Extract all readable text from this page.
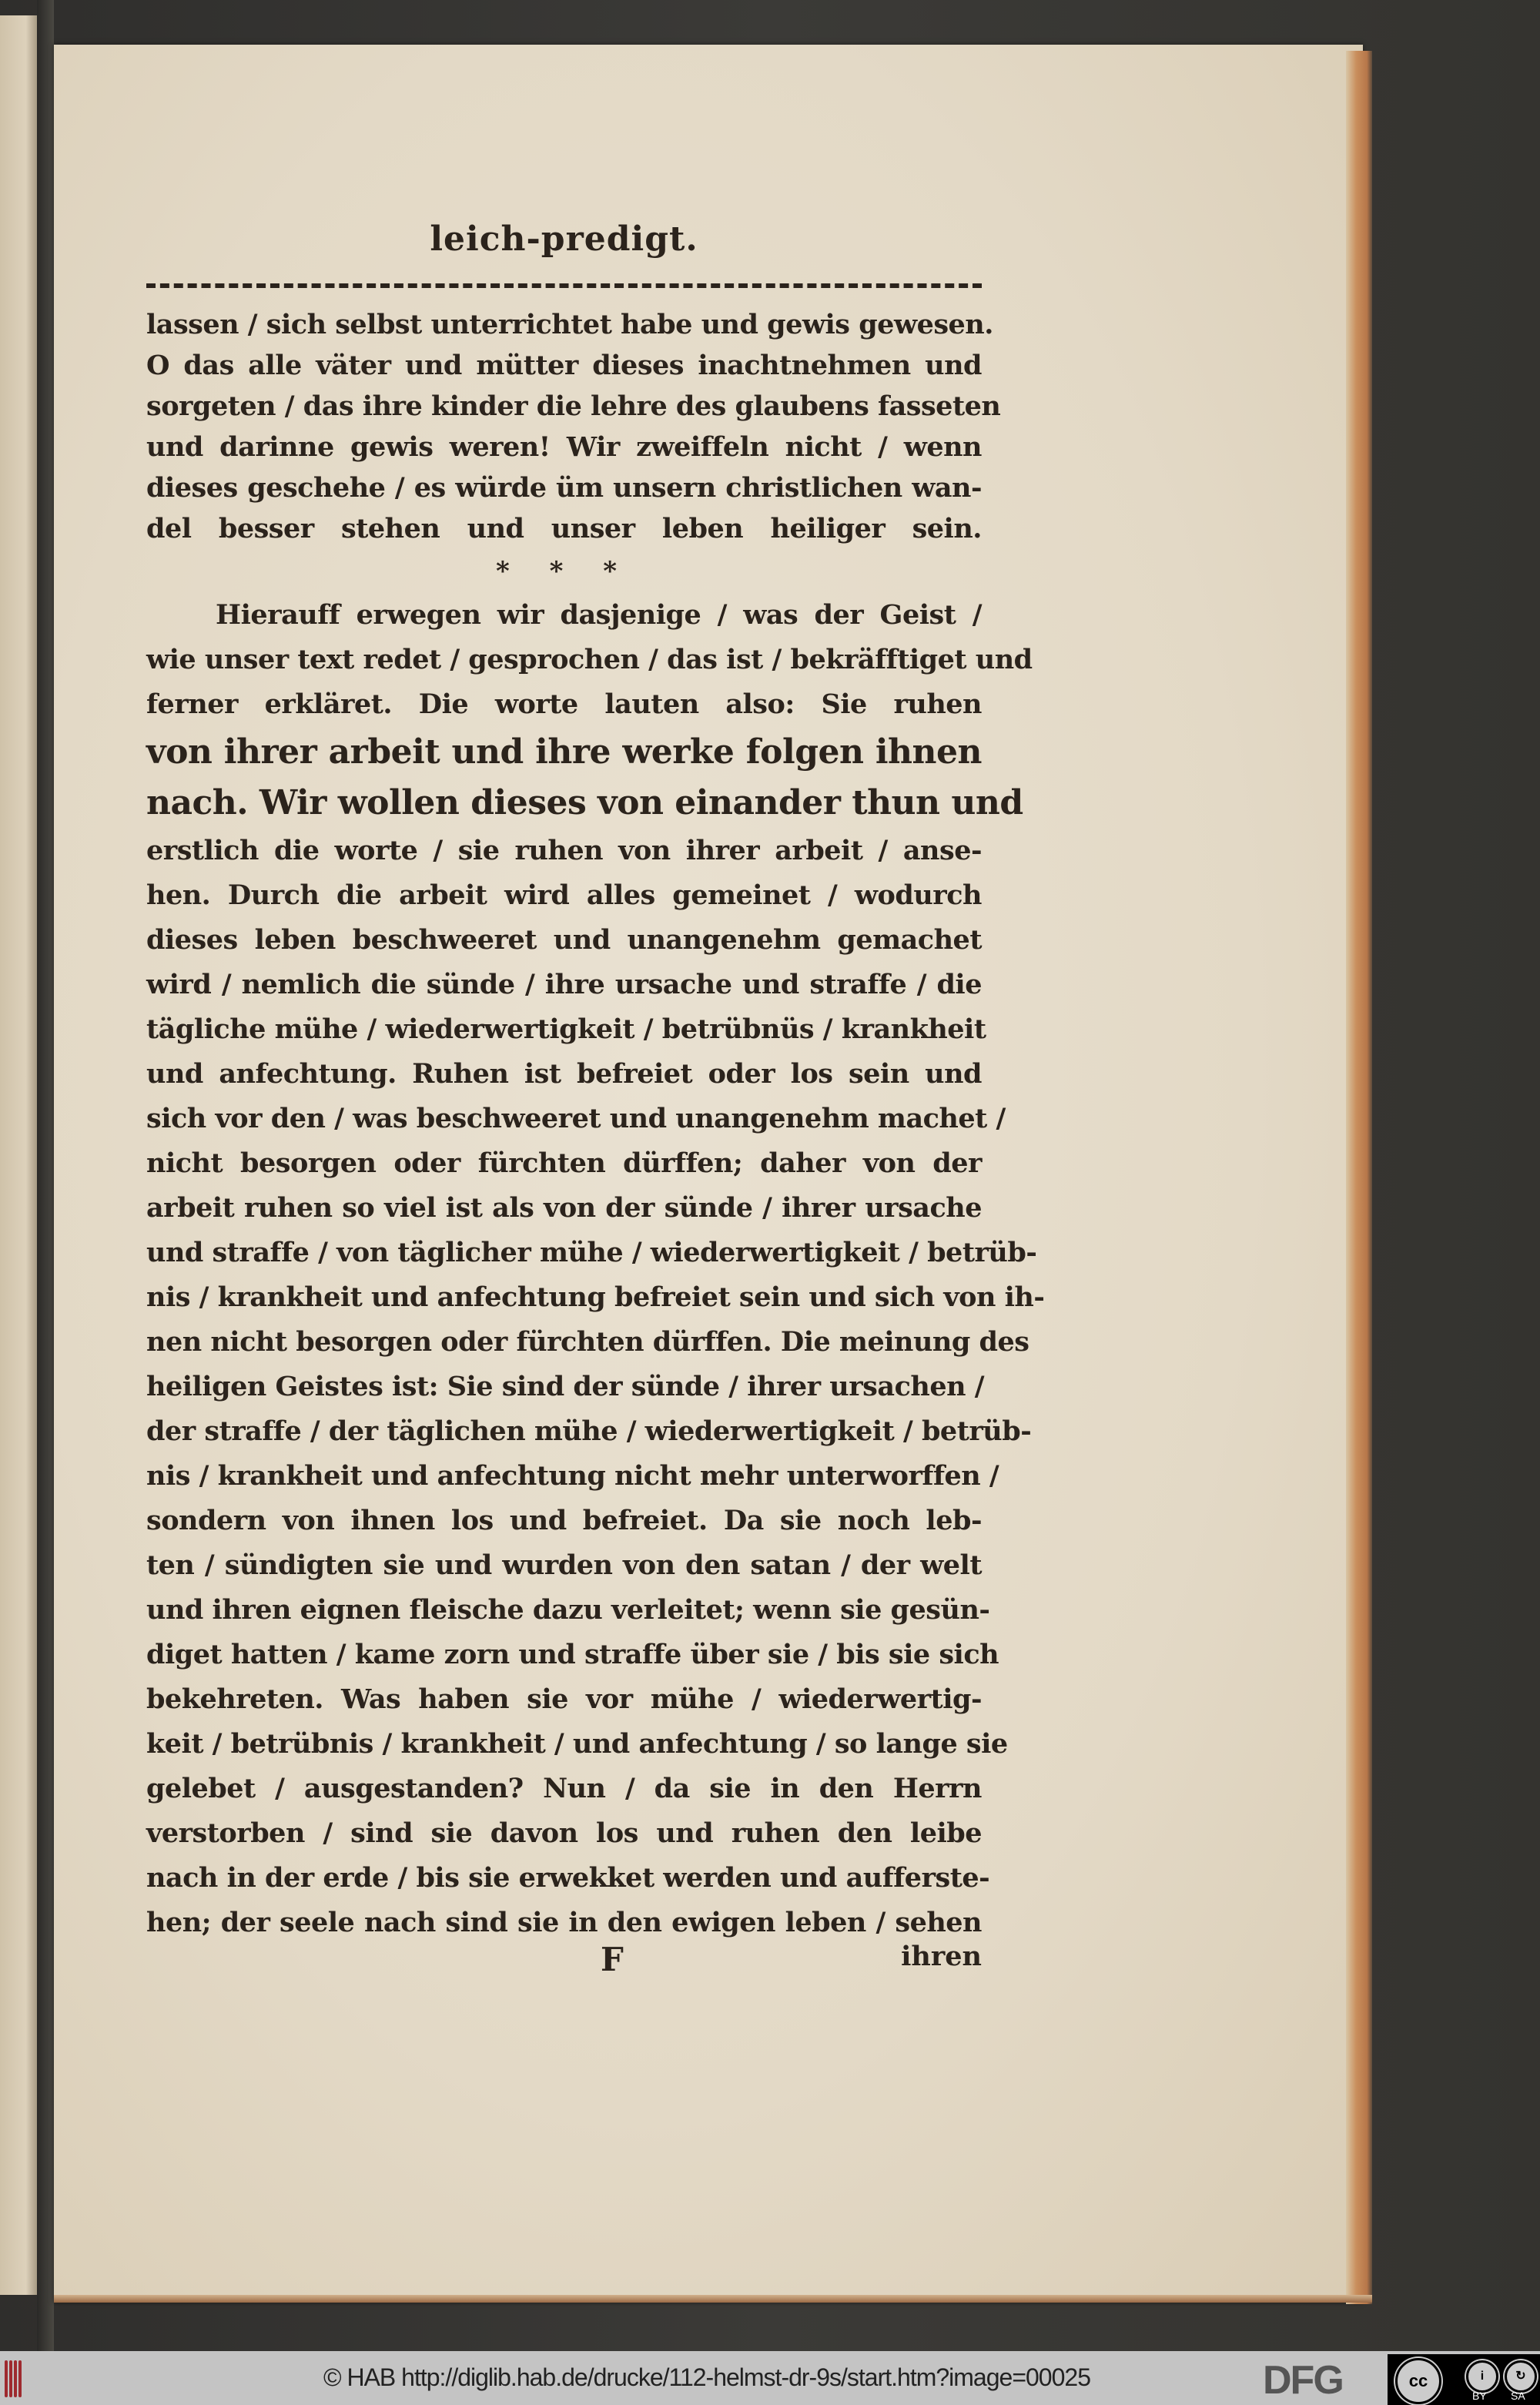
leich-predigt.
lassen / sich selbst unterrichtet habe und gewis gewesen.
O das alle väter und mütter dieses inachtnehmen und
sorgeten / das ihre kinder die lehre des glaubens fasseten
und darinne gewis weren! Wir zweiffeln nicht / wenn
dieses geschehe / es würde üm unsern christlichen wan-
del besser stehen und unser leben heiliger sein.
* * *
Hierauff erwegen wir dasjenige / was der Geist /
wie unser text redet / gesprochen / das ist / bekräfftiget und
ferner erkläret. Die worte lauten also: Sie ruhen
von ihrer arbeit und ihre werke folgen ihnen
nach. Wir wollen dieses von einander thun und
erstlich die worte / sie ruhen von ihrer arbeit / anse-
hen. Durch die arbeit wird alles gemeinet / wodurch
dieses leben beschweeret und unangenehm gemachet
wird / nemlich die sünde / ihre ursache und straffe / die
tägliche mühe / wiederwertigkeit / betrübnüs / krankheit
und anfechtung. Ruhen ist befreiet oder los sein und
sich vor den / was beschweeret und unangenehm machet /
nicht besorgen oder fürchten dürffen; daher von der
arbeit ruhen so viel ist als von der sünde / ihrer ursache
und straffe / von täglicher mühe / wiederwertigkeit / betrüb-
nis / krankheit und anfechtung befreiet sein und sich von ih-
nen nicht besorgen oder fürchten dürffen. Die meinung des
heiligen Geistes ist: Sie sind der sünde / ihrer ursachen /
der straffe / der täglichen mühe / wiederwertigkeit / betrüb-
nis / krankheit und anfechtung nicht mehr unterworffen /
sondern von ihnen los und befreiet. Da sie noch leb-
ten / sündigten sie und wurden von den satan / der welt
und ihren eignen fleische dazu verleitet; wenn sie gesün-
diget hatten / kame zorn und straffe über sie / bis sie sich
bekehreten. Was haben sie vor mühe / wiederwertig-
keit / betrübnis / krankheit / und anfechtung / so lange sie
gelebet / ausgestanden? Nun / da sie in den Herrn
verstorben / sind sie davon los und ruhen den leibe
nach in der erde / bis sie erwekket werden und aufferste-
hen; der seele nach sind sie in den ewigen leben / sehen
F	ihren
© HAB http://diglib.hab.de/drucke/112-helmst-dr-9s/start.htm?image=00025	DFG	cc	i	↻
BY SA
